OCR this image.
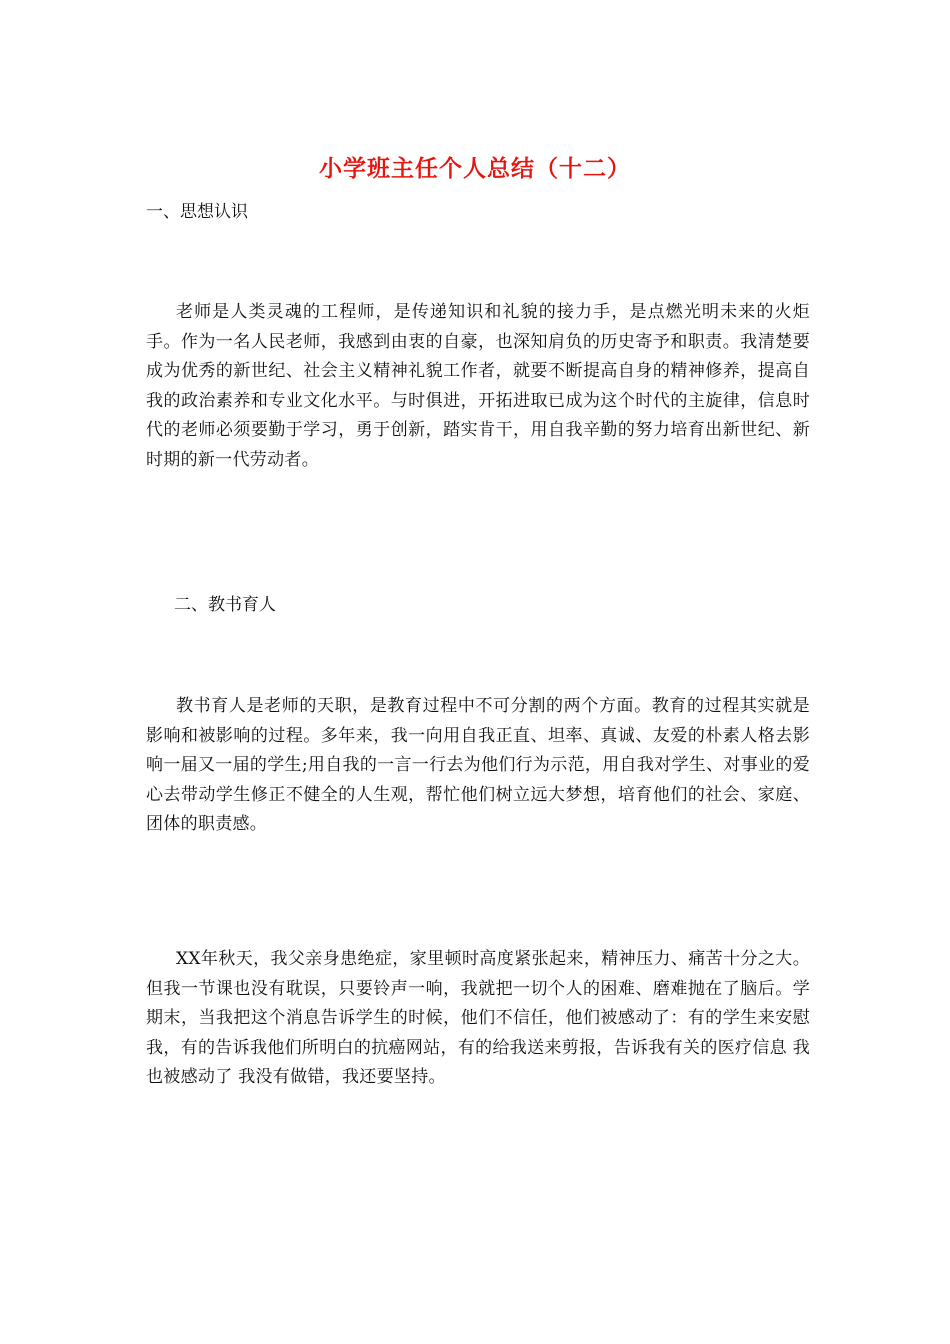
小学班主任个人总结（十二）

一、思想认识

老师是人类灵魂的工程师，是传递知识和礼貌的接力手，是点燃光明未来的火炬手。作为一名人民老师，我感到由衷的自豪，也深知肩负的历史寄予和职责。我清楚要成为优秀的新世纪、社会主义精神礼貌工作者，就要不断提高自身的精神修养，提高自我的政治素养和专业文化水平。与时俱进，开拓进取已成为这个时代的主旋律，信息时代的老师必须要勤于学习，勇于创新，踏实肯干，用自我辛勤的努力培育出新世纪、新时期的新一代劳动者。

二、教书育人

教书育人是老师的天职，是教育过程中不可分割的两个方面。教育的过程其实就是影响和被影响的过程。多年来，我一向用自我正直、坦率、真诚、友爱的朴素人格去影响一届又一届的学生;用自我的一言一行去为他们行为示范，用自我对学生、对事业的爱心去带动学生修正不健全的人生观，帮忙他们树立远大梦想，培育他们的社会、家庭、团体的职责感。

XX年秋天，我父亲身患绝症，家里顿时高度紧张起来，精神压力、痛苦十分之大。但我一节课也没有耽误，只要铃声一响，我就把一切个人的困难、磨难抛在了脑后。学期末，当我把这个消息告诉学生的时候，他们不信任，他们被感动了：有的学生来安慰我，有的告诉我他们所明白的抗癌网站，有的给我送来剪报，告诉我有关的医疗信息 我也被感动了 我没有做错，我还要坚持。
